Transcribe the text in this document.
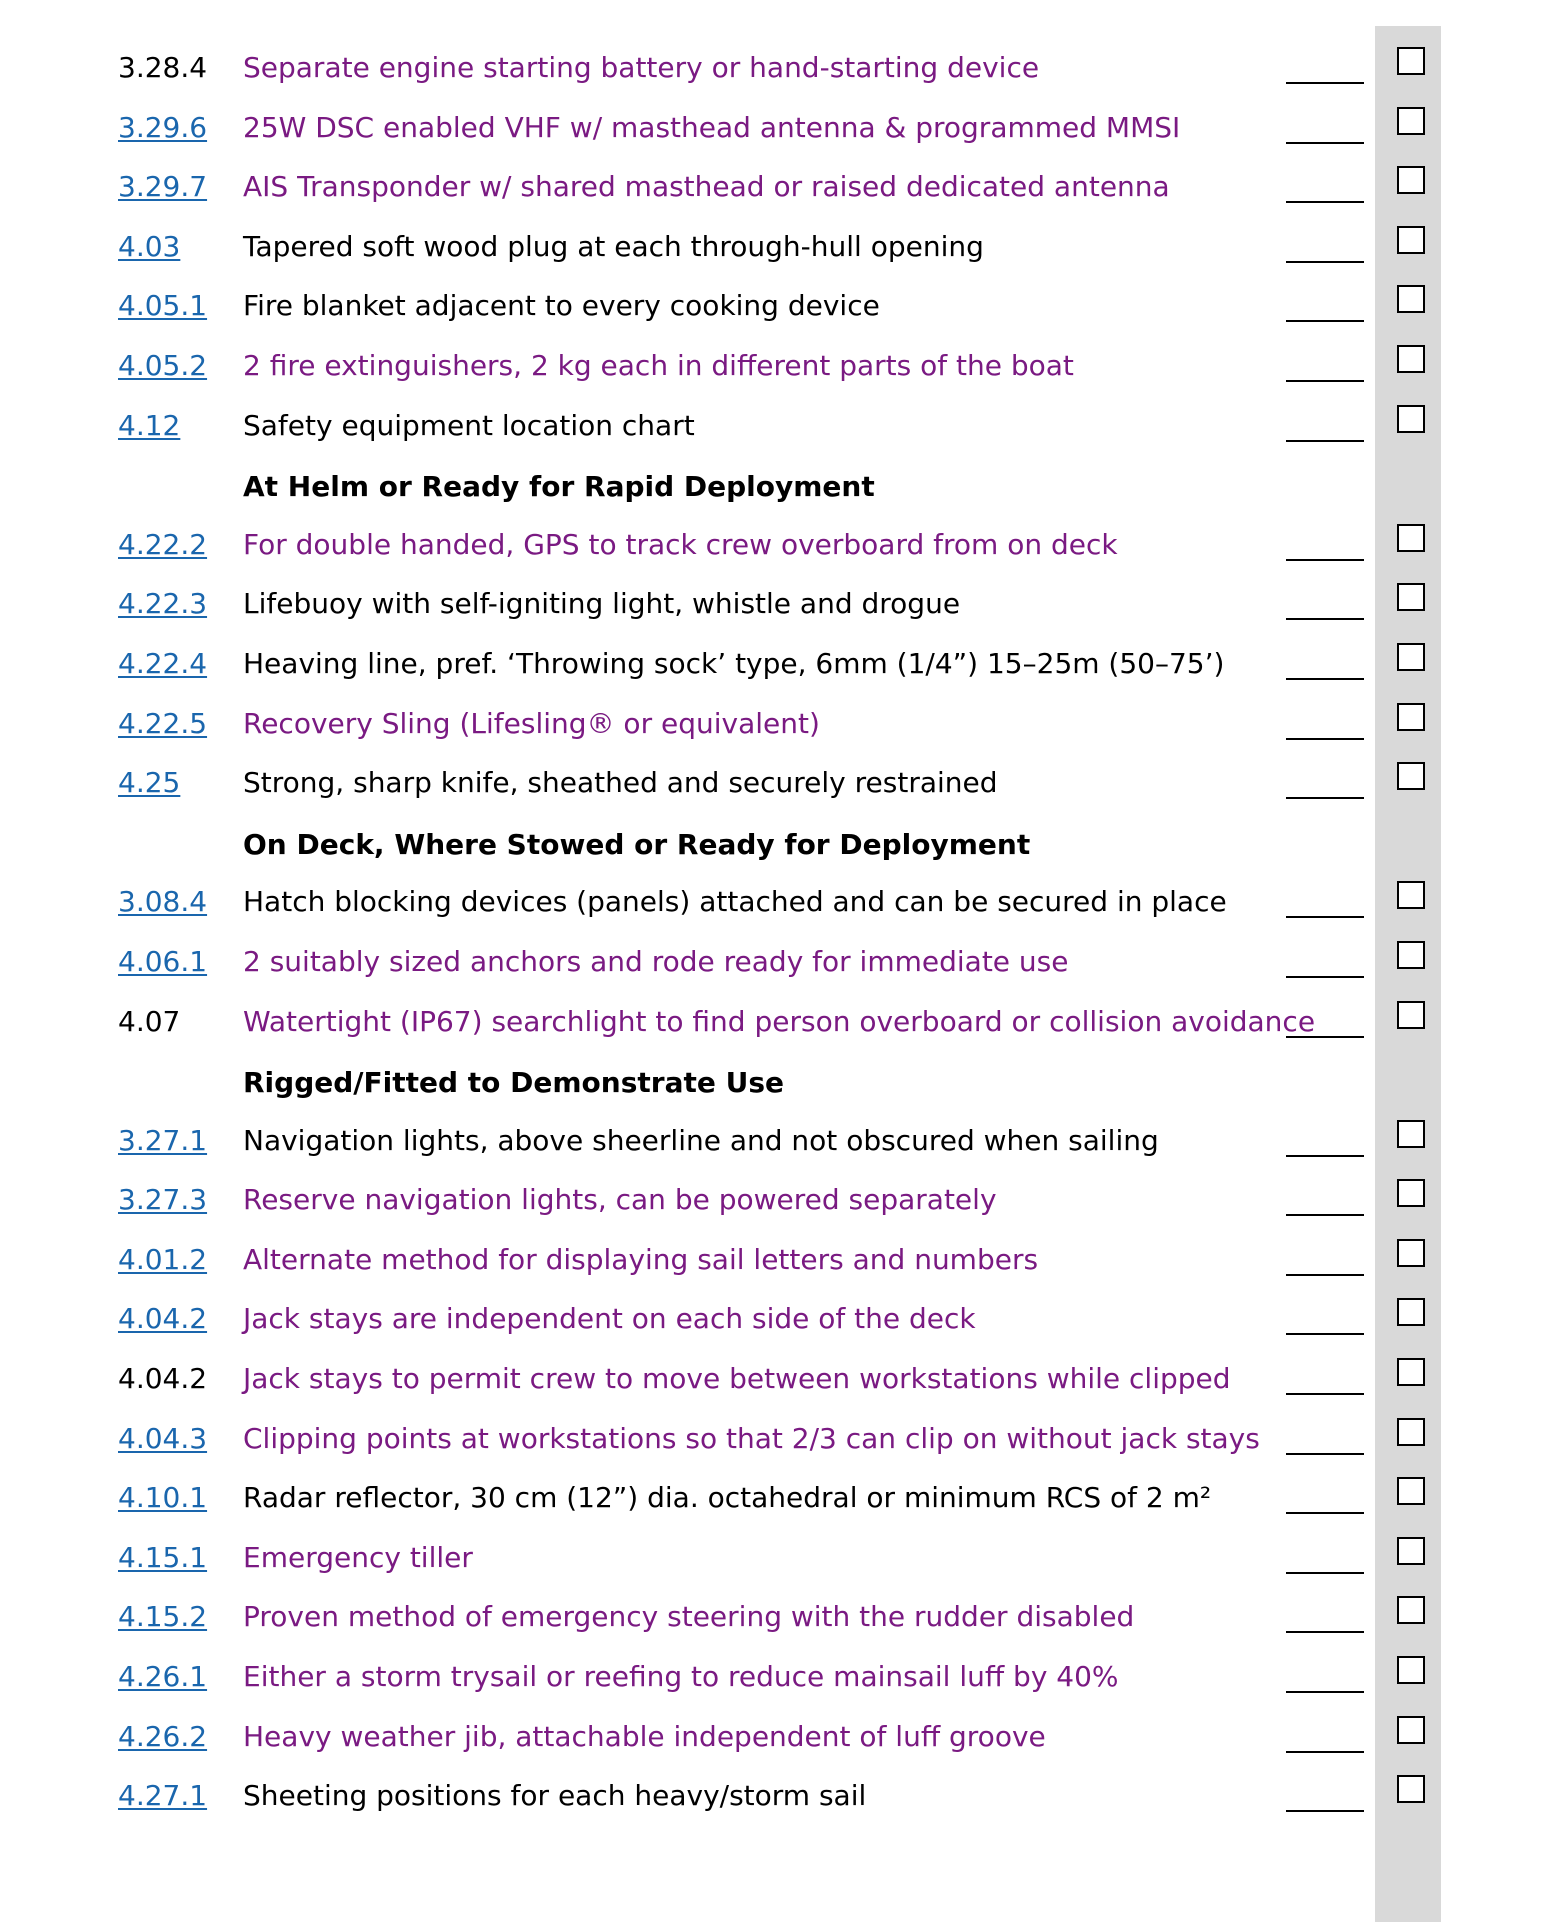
3.28.4 Separate engine starting battery or hand-starting device
3.29.6 25W DSC enabled VHF w/ masthead antenna & programmed MMSI
3.29.7 AIS Transponder w/ shared masthead or raised dedicated antenna
4.03 Tapered soft wood plug at each through-hull opening
4.05.1 Fire blanket adjacent to every cooking device
4.05.2 2 fire extinguishers, 2 kg each in different parts of the boat
4.12 Safety equipment location chart
At Helm or Ready for Rapid Deployment
4.22.2 For double handed, GPS to track crew overboard from on deck
4.22.3 Lifebuoy with self-igniting light, whistle and drogue
4.22.4 Heaving line, pref. ‘Throwing sock’ type, 6mm (1/4”) 15–25m (50–75’)
4.22.5 Recovery Sling (Lifesling® or equivalent)
4.25 Strong, sharp knife, sheathed and securely restrained
On Deck, Where Stowed or Ready for Deployment
3.08.4 Hatch blocking devices (panels) attached and can be secured in place
4.06.1 2 suitably sized anchors and rode ready for immediate use
4.07 Watertight (IP67) searchlight to find person overboard or collision avoidance
Rigged/Fitted to Demonstrate Use
3.27.1 Navigation lights, above sheerline and not obscured when sailing
3.27.3 Reserve navigation lights, can be powered separately
4.01.2 Alternate method for displaying sail letters and numbers
4.04.2 Jack stays are independent on each side of the deck
4.04.2 Jack stays to permit crew to move between workstations while clipped
4.04.3 Clipping points at workstations so that 2/3 can clip on without jack stays
4.10.1 Radar reflector, 30 cm (12”) dia. octahedral or minimum RCS of 2 m²
4.15.1 Emergency tiller
4.15.2 Proven method of emergency steering with the rudder disabled
4.26.1 Either a storm trysail or reefing to reduce mainsail luff by 40%
4.26.2 Heavy weather jib, attachable independent of luff groove
4.27.1 Sheeting positions for each heavy/storm sail
